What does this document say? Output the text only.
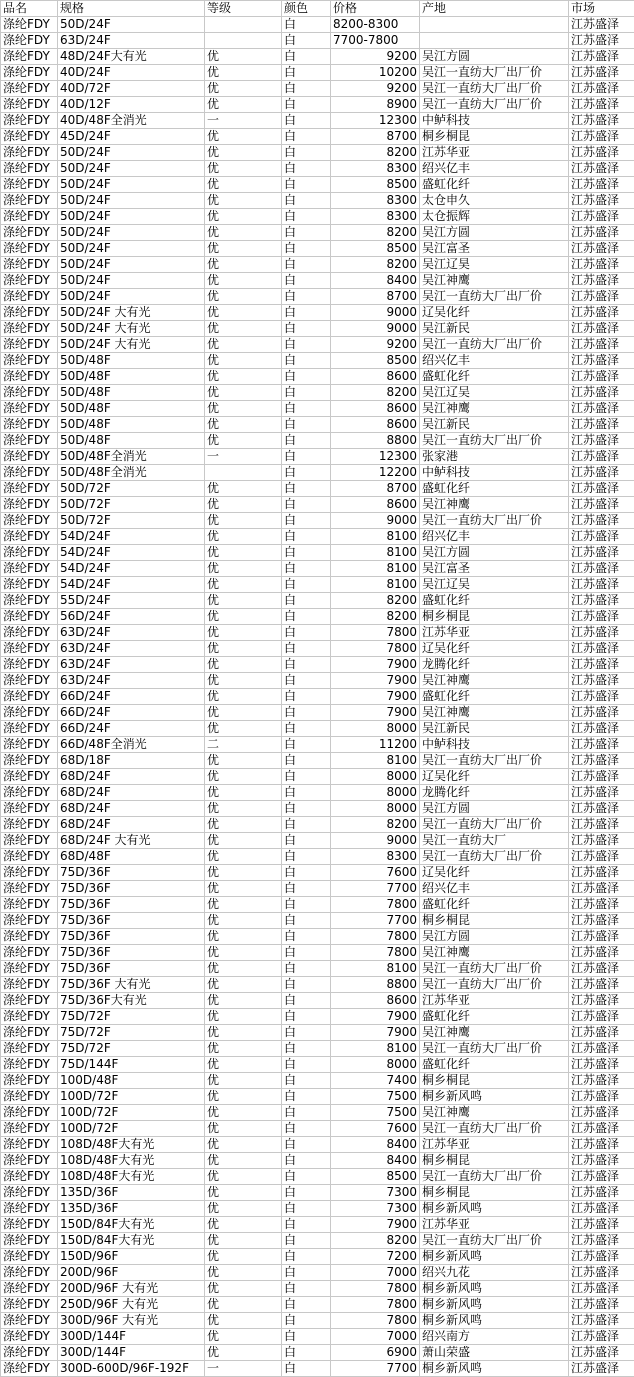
品名	规格	等级	颜色	价格	产地	市场
涤纶FDY	50D/24F		白	8200-8300		江苏盛泽
涤纶FDY	63D/24F		白	7700-7800		江苏盛泽
涤纶FDY	48D/24F大有光	优	白	9200	吴江方圆	江苏盛泽
涤纶FDY	40D/24F	优	白	10200	吴江一直纺大厂出厂价	江苏盛泽
涤纶FDY	40D/72F	优	白	9200	吴江一直纺大厂出厂价	江苏盛泽
涤纶FDY	40D/12F	优	白	8900	吴江一直纺大厂出厂价	江苏盛泽
涤纶FDY	40D/48F全消光	一	白	12300	中鲈科技	江苏盛泽
涤纶FDY	45D/24F	优	白	8700	桐乡桐昆	江苏盛泽
涤纶FDY	50D/24F	优	白	8200	江苏华亚	江苏盛泽
涤纶FDY	50D/24F	优	白	8300	绍兴亿丰	江苏盛泽
涤纶FDY	50D/24F	优	白	8500	盛虹化纤	江苏盛泽
涤纶FDY	50D/24F	优	白	8300	太仓申久	江苏盛泽
涤纶FDY	50D/24F	优	白	8300	太仓振辉	江苏盛泽
涤纶FDY	50D/24F	优	白	8200	吴江方圆	江苏盛泽
涤纶FDY	50D/24F	优	白	8500	吴江富圣	江苏盛泽
涤纶FDY	50D/24F	优	白	8200	吴江辽昊	江苏盛泽
涤纶FDY	50D/24F	优	白	8400	吴江神鹰	江苏盛泽
涤纶FDY	50D/24F	优	白	8700	吴江一直纺大厂出厂价	江苏盛泽
涤纶FDY	50D/24F 大有光	优	白	9000	辽吴化纤	江苏盛泽
涤纶FDY	50D/24F 大有光	优	白	9000	吴江新民	江苏盛泽
涤纶FDY	50D/24F 大有光	优	白	9200	吴江一直纺大厂出厂价	江苏盛泽
涤纶FDY	50D/48F	优	白	8500	绍兴亿丰	江苏盛泽
涤纶FDY	50D/48F	优	白	8600	盛虹化纤	江苏盛泽
涤纶FDY	50D/48F	优	白	8200	吴江辽吴	江苏盛泽
涤纶FDY	50D/48F	优	白	8600	吴江神鹰	江苏盛泽
涤纶FDY	50D/48F	优	白	8600	吴江新民	江苏盛泽
涤纶FDY	50D/48F	优	白	8800	吴江一直纺大厂出厂价	江苏盛泽
涤纶FDY	50D/48F全消光	一	白	12300	张家港	江苏盛泽
涤纶FDY	50D/48F全消光		白	12200	中鲈科技	江苏盛泽
涤纶FDY	50D/72F	优	白	8700	盛虹化纤	江苏盛泽
涤纶FDY	50D/72F	优	白	8600	吴江神鹰	江苏盛泽
涤纶FDY	50D/72F	优	白	9000	吴江一直纺大厂出厂价	江苏盛泽
涤纶FDY	54D/24F	优	白	8100	绍兴亿丰	江苏盛泽
涤纶FDY	54D/24F	优	白	8100	吴江方圆	江苏盛泽
涤纶FDY	54D/24F	优	白	8100	吴江富圣	江苏盛泽
涤纶FDY	54D/24F	优	白	8100	吴江辽吴	江苏盛泽
涤纶FDY	55D/24F	优	白	8200	盛虹化纤	江苏盛泽
涤纶FDY	56D/24F	优	白	8200	桐乡桐昆	江苏盛泽
涤纶FDY	63D/24F	优	白	7800	江苏华亚	江苏盛泽
涤纶FDY	63D/24F	优	白	7800	辽吴化纤	江苏盛泽
涤纶FDY	63D/24F	优	白	7900	龙腾化纤	江苏盛泽
涤纶FDY	63D/24F	优	白	7900	吴江神鹰	江苏盛泽
涤纶FDY	66D/24F	优	白	7900	盛虹化纤	江苏盛泽
涤纶FDY	66D/24F	优	白	7900	吴江神鹰	江苏盛泽
涤纶FDY	66D/24F	优	白	8000	吴江新民	江苏盛泽
涤纶FDY	66D/48F全消光	二	白	11200	中鲈科技	江苏盛泽
涤纶FDY	68D/18F	优	白	8100	吴江一直纺大厂出厂价	江苏盛泽
涤纶FDY	68D/24F	优	白	8000	辽吴化纤	江苏盛泽
涤纶FDY	68D/24F	优	白	8000	龙腾化纤	江苏盛泽
涤纶FDY	68D/24F	优	白	8000	吴江方圆	江苏盛泽
涤纶FDY	68D/24F	优	白	8200	吴江一直纺大厂出厂价	江苏盛泽
涤纶FDY	68D/24F 大有光	优	白	9000	吴江一直纺大厂	江苏盛泽
涤纶FDY	68D/48F	优	白	8300	吴江一直纺大厂出厂价	江苏盛泽
涤纶FDY	75D/36F	优	白	7600	辽吴化纤	江苏盛泽
涤纶FDY	75D/36F	优	白	7700	绍兴亿丰	江苏盛泽
涤纶FDY	75D/36F	优	白	7800	盛虹化纤	江苏盛泽
涤纶FDY	75D/36F	优	白	7700	桐乡桐昆	江苏盛泽
涤纶FDY	75D/36F	优	白	7800	吴江方圆	江苏盛泽
涤纶FDY	75D/36F	优	白	7800	吴江神鹰	江苏盛泽
涤纶FDY	75D/36F	优	白	8100	吴江一直纺大厂出厂价	江苏盛泽
涤纶FDY	75D/36F 大有光	优	白	8800	吴江一直纺大厂出厂价	江苏盛泽
涤纶FDY	75D/36F大有光	优	白	8600	江苏华亚	江苏盛泽
涤纶FDY	75D/72F	优	白	7900	盛虹化纤	江苏盛泽
涤纶FDY	75D/72F	优	白	7900	吴江神鹰	江苏盛泽
涤纶FDY	75D/72F	优	白	8100	吴江一直纺大厂出厂价	江苏盛泽
涤纶FDY	75D/144F	优	白	8000	盛虹化纤	江苏盛泽
涤纶FDY	100D/48F	优	白	7400	桐乡桐昆	江苏盛泽
涤纶FDY	100D/72F	优	白	7500	桐乡新风鸣	江苏盛泽
涤纶FDY	100D/72F	优	白	7500	吴江神鹰	江苏盛泽
涤纶FDY	100D/72F	优	白	7600	吴江一直纺大厂出厂价	江苏盛泽
涤纶FDY	108D/48F大有光	优	白	8400	江苏华亚	江苏盛泽
涤纶FDY	108D/48F大有光	优	白	8400	桐乡桐昆	江苏盛泽
涤纶FDY	108D/48F大有光	优	白	8500	吴江一直纺大厂出厂价	江苏盛泽
涤纶FDY	135D/36F	优	白	7300	桐乡桐昆	江苏盛泽
涤纶FDY	135D/36F	优	白	7300	桐乡新风鸣	江苏盛泽
涤纶FDY	150D/84F大有光	优	白	7900	江苏华亚	江苏盛泽
涤纶FDY	150D/84F大有光	优	白	8200	吴江一直纺大厂出厂价	江苏盛泽
涤纶FDY	150D/96F	优	白	7200	桐乡新风鸣	江苏盛泽
涤纶FDY	200D/96F	优	白	7000	绍兴九花	江苏盛泽
涤纶FDY	200D/96F 大有光	优	白	7800	桐乡新风鸣	江苏盛泽
涤纶FDY	250D/96F 大有光	优	白	7800	桐乡新风鸣	江苏盛泽
涤纶FDY	300D/96F 大有光	优	白	7800	桐乡新风鸣	江苏盛泽
涤纶FDY	300D/144F	优	白	7000	绍兴南方	江苏盛泽
涤纶FDY	300D/144F	优	白	6900	萧山荣盛	江苏盛泽
涤纶FDY	300D-600D/96F-192F	一	白	7700	桐乡新风鸣	江苏盛泽
